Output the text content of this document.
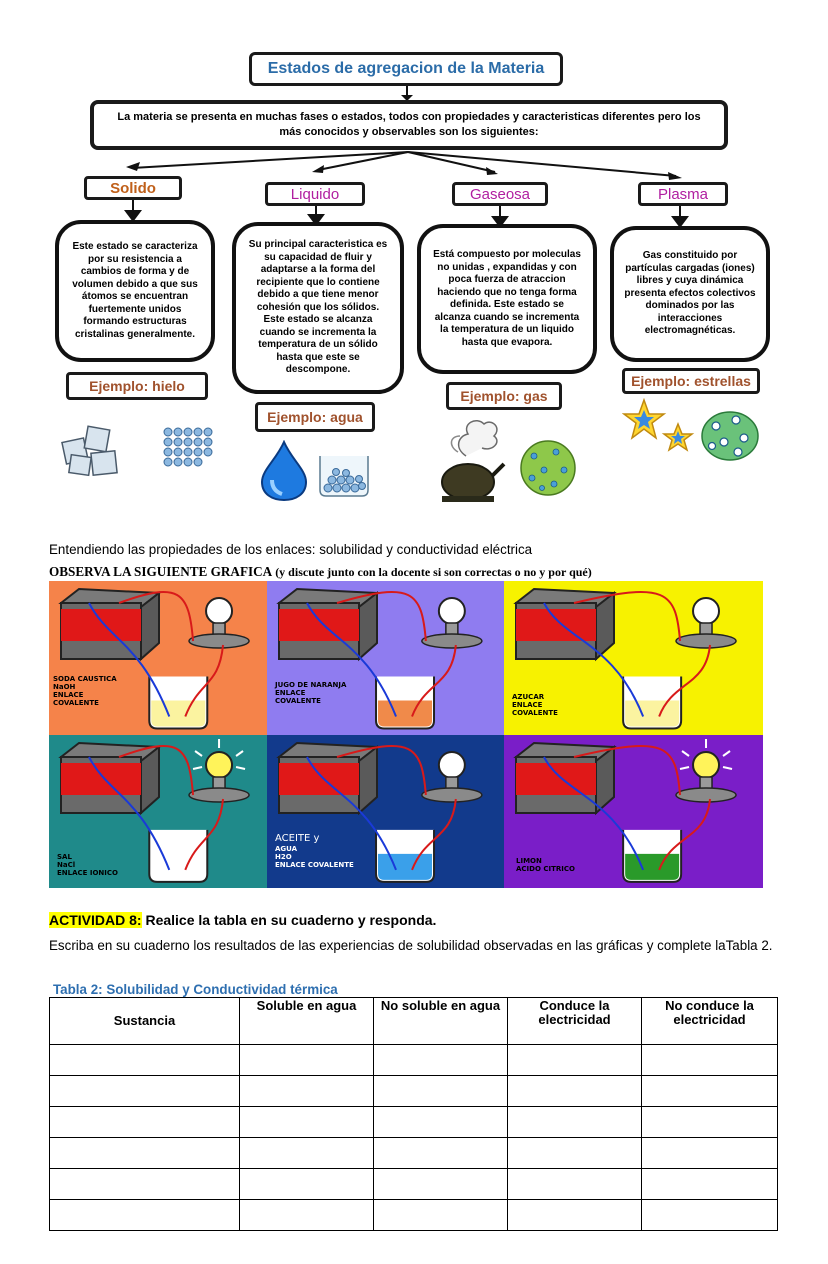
Estados de agregacion de la Materia
La materia se presenta en muchas fases o estados, todos con propiedades y caracteristicas diferentes pero los más conocidos y observables son los siguientes:
Solido	Liquido	Gaseosa	Plasma
Este estado se caracteriza por su resistencia a cambios de forma y de volumen debido a que sus átomos se encuentran fuertemente unidos formando estructuras cristalinas generalmente.
Su principal caracteristica es su capacidad de fluir y adaptarse a la forma del recipiente que lo contiene debido a que tiene menor cohesión que los sólidos. Este estado se alcanza cuando se incrementa la temperatura de un sólido hasta que este se descompone.
Está compuesto por moleculas no unidas , expandidas y con poca fuerza de atraccion haciendo que no tenga forma definida. Este estado se alcanza cuando se incrementa la temperatura de un liquido hasta que evapora.
Gas constituido por partículas cargadas (iones) libres y cuya dinámica presenta efectos colectivos dominados por las interacciones electromagnéticas.
Ejemplo: hielo
Ejemplo: agua
Ejemplo: gas
Ejemplo: estrellas
Entendiendo las propiedades de los enlaces: solubilidad y conductividad eléctrica
OBSERVA LA SIGUIENTE GRAFICA (y discute junto con la docente si son correctas o no y por qué)
SODA CAUSTICA
NaOH
ENLACE
COVALENTE
JUGO DE NARANJA
ENLACE
COVALENTE	AZUCAR
ENLACE
COVALENTE
SAL
NaCl
ENLACE IONICO
ACEITE y
AGUA
H2O
ENLACE COVALENTE	LIMON
ACIDO CITRICO
ACTIVIDAD 8: Realice la tabla en su cuaderno y responda.
Escriba en su cuaderno los resultados de las experiencias de solubilidad observadas en las gráficas y complete laTabla 2.
Tabla 2: Solubilidad y Conductividad térmica
Sustancia	Soluble en agua	No soluble en agua	Conduce la electricidad	No conduce la electricidad
